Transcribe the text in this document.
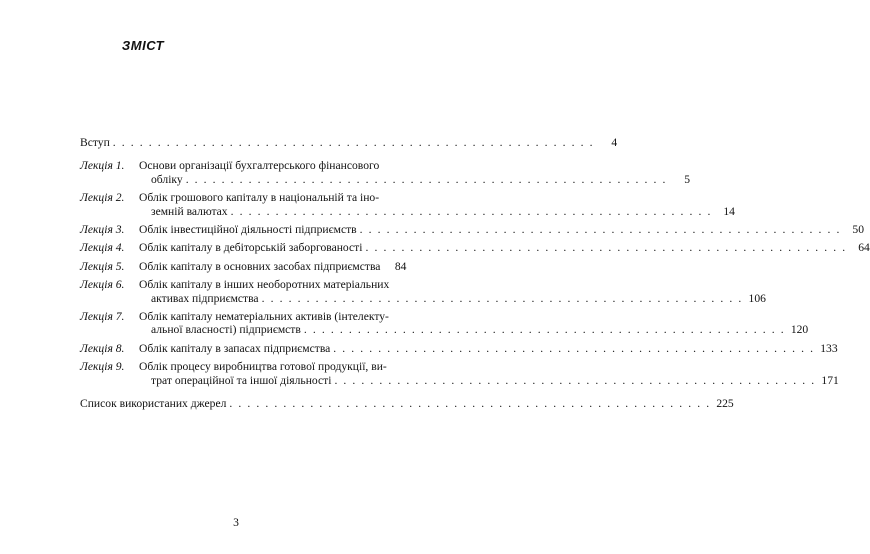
ЗМІСТ
Вступ . . . . . . . . . . . . . . . . . . . . . . . . . . . . . . . . . . . . . . . . . . . . . . . . . . . . . .	4
Лекція 1.	Основи організації бухгалтерського фінансового
обліку . . . . . . . . . . . . . . . . . . . . . . . . . . . . . . . . . . . . . . . . . . . . . . . . . . . . . .	5
Лекція 2.	Облік грошового капіталу в національній та іно-
земній валютах . . . . . . . . . . . . . . . . . . . . . . . . . . . . . . . . . . . . . . . . . . . . . . . . . . . . . . 14
Лекція 3.	Облік інвестиційної діяльності підприємств . . . . . . . . . . . . . . . . . . . . . . . . . . . . . . . . . . . . . . . . . . . . . . . . . . . . . . 50
Лекція 4.	Облік капіталу в дебіторській заборгованості . . . . . . . . . . . . . . . . . . . . . . . . . . . . . . . . . . . . . . . . . . . . . . . . . . . . . . 64
Лекція 5.	Облік капіталу в основних засобах підприємства	84
Лекція 6.	Облік капіталу в інших необоротних матеріальних
активах підприємства . . . . . . . . . . . . . . . . . . . . . . . . . . . . . . . . . . . . . . . . . . . . . . . . . . . . . . 106
Лекція 7.	Облік капіталу нематеріальних активів (інтелекту-
альної власності) підприємств . . . . . . . . . . . . . . . . . . . . . . . . . . . . . . . . . . . . . . . . . . . . . . . . . . . . . . 120
Лекція 8.	Облік капіталу в запасах підприємства . . . . . . . . . . . . . . . . . . . . . . . . . . . . . . . . . . . . . . . . . . . . . . . . . . . . . . 133
Лекція 9.	Облік процесу виробництва готової продукції, ви-
трат операційної та іншої діяльності . . . . . . . . . . . . . . . . . . . . . . . . . . . . . . . . . . . . . . . . . . . . . . . . . . . . . . 171
Список використаних джерел . . . . . . . . . . . . . . . . . . . . . . . . . . . . . . . . . . . . . . . . . . . . . . . . . . . . . . 225
3
